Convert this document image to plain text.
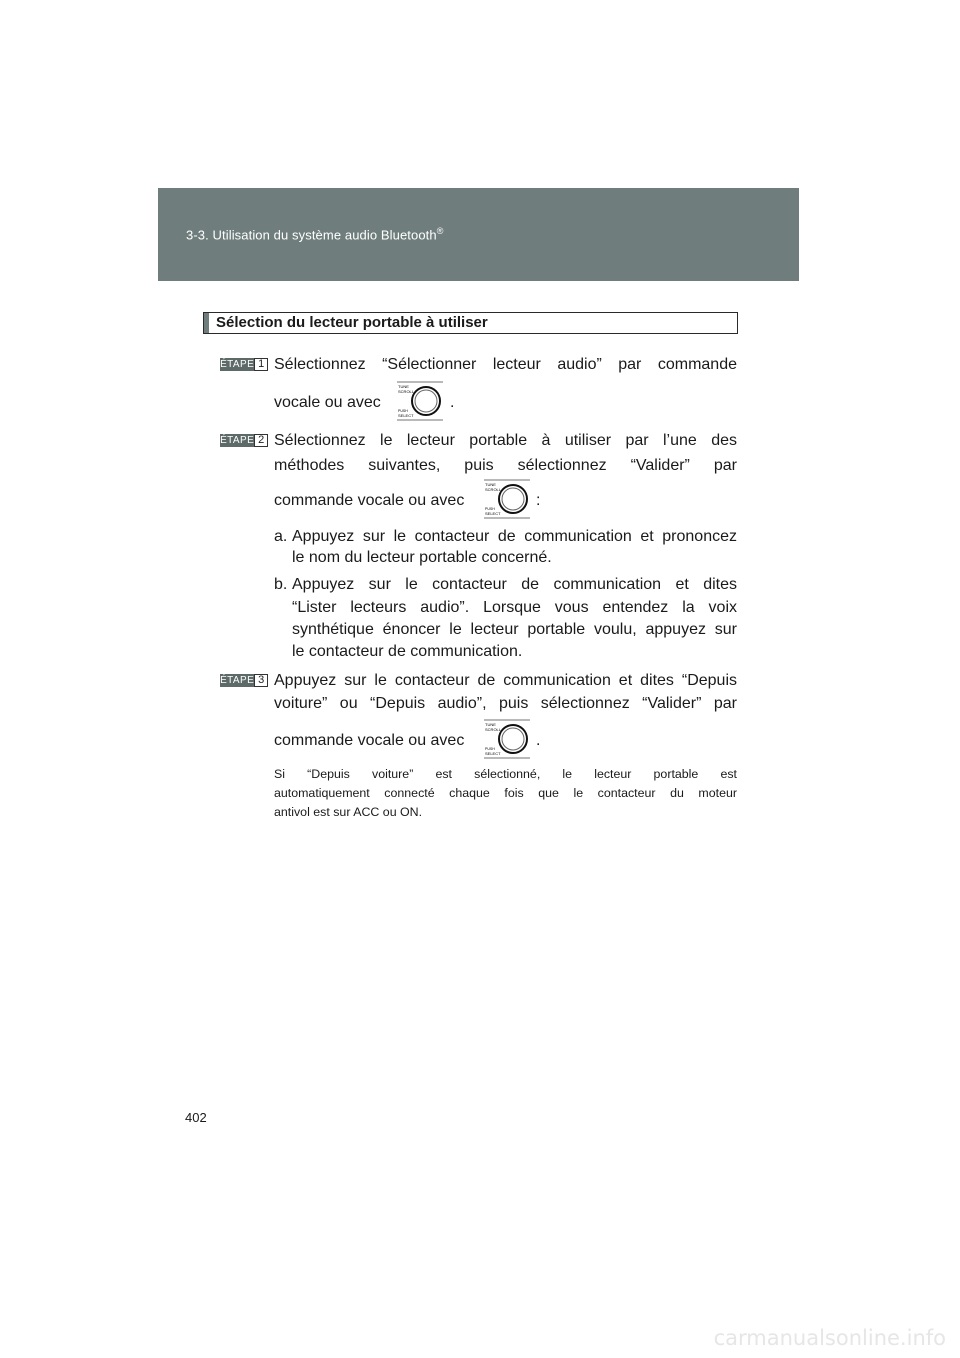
3-3. Utilisation du système audio Bluetooth®
Sélection du lecteur portable à utiliser
ÉTAPE 1 Sélectionnez “Sélectionner lecteur audio” par commande
vocale ou avec
TUNE
SCROLL
PUSH
SELECT
.
ÉTAPE 2 Sélectionnez le lecteur portable à utiliser par l’une des
méthodes suivantes, puis sélectionnez “Valider” par
commande vocale ou avec
TUNE
SCROLL
PUSH
SELECT
:
a. Appuyez sur le contacteur de communication et prononcez
le nom du lecteur portable concerné.
b. Appuyez sur le contacteur de communication et dites
“Lister lecteurs audio”. Lorsque vous entendez la voix
synthétique énoncer le lecteur portable voulu, appuyez sur
le contacteur de communication.
ÉTAPE 3 Appuyez sur le contacteur de communication et dites “Depuis
voiture” ou “Depuis audio”, puis sélectionnez “Valider” par
commande vocale ou avec
TUNE
SCROLL
PUSH
SELECT
.
Si “Depuis voiture” est sélectionné, le lecteur portable est
automatiquement connecté chaque fois que le contacteur du moteur
antivol est sur ACC ou ON.
402
carmanualsonline.info
